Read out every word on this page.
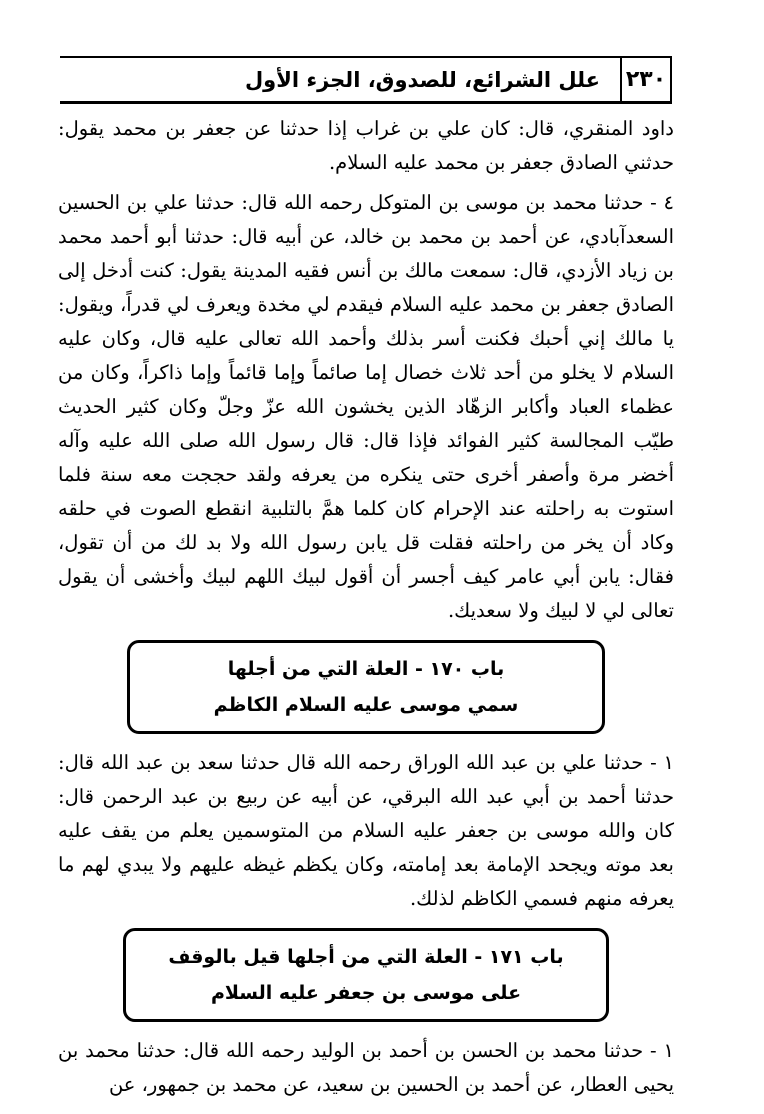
٢٣٠
علل الشرائع، للصدوق، الجزء الأول

داود المنقري، قال: كان علي بن غراب إذا حدثنا عن جعفر بن محمد يقول: حدثني الصادق جعفر بن محمد عليه السلام.

٤ - حدثنا محمد بن موسى بن المتوكل رحمه الله قال: حدثنا علي بن الحسين السعدآبادي، عن أحمد بن محمد بن خالد، عن أبيه قال: حدثنا أبو أحمد محمد بن زياد الأزدي، قال: سمعت مالك بن أنس فقيه المدينة يقول: كنت أدخل إلى الصادق جعفر بن محمد عليه السلام فيقدم لي مخدة ويعرف لي قدراً، ويقول: يا مالك إني أحبك فكنت أسر بذلك وأحمد الله تعالى عليه قال، وكان عليه السلام لا يخلو من أحد ثلاث خصال إما صائماً وإما قائماً وإما ذاكراً، وكان من عظماء العباد وأكابر الزهّاد الذين يخشون الله عزّ وجلّ وكان كثير الحديث طيّب المجالسة كثير الفوائد فإذا قال: قال رسول الله صلى الله عليه وآله أخضر مرة وأصفر أخرى حتى ينكره من يعرفه ولقد حججت معه سنة فلما استوت به راحلته عند الإحرام كان كلما همَّ بالتلبية انقطع الصوت في حلقه وكاد أن يخر من راحلته فقلت قل يابن رسول الله ولا بد لك من أن تقول، فقال: يابن أبي عامر كيف أجسر أن أقول لبيك اللهم لبيك وأخشى أن يقول تعالى لي لا لبيك ولا سعديك.

باب ١٧٠ - العلة التي من أجلها
سمي موسى عليه السلام الكاظم

١ - حدثنا علي بن عبد الله الوراق رحمه الله قال حدثنا سعد بن عبد الله قال: حدثنا أحمد بن أبي عبد الله البرقي، عن أبيه عن ربيع بن عبد الرحمن قال: كان والله موسى بن جعفر عليه السلام من المتوسمين يعلم من يقف عليه بعد موته ويجحد الإمامة بعد إمامته، وكان يكظم غيظه عليهم ولا يبدي لهم ما يعرفه منهم فسمي الكاظم لذلك.

باب ١٧١ - العلة التي من أجلها قيل بالوقف
على موسى بن جعفر عليه السلام

١ - حدثنا محمد بن الحسن بن أحمد بن الوليد رحمه الله قال: حدثنا محمد بن يحيى العطار، عن أحمد بن الحسين بن سعيد، عن محمد بن جمهور، عن
